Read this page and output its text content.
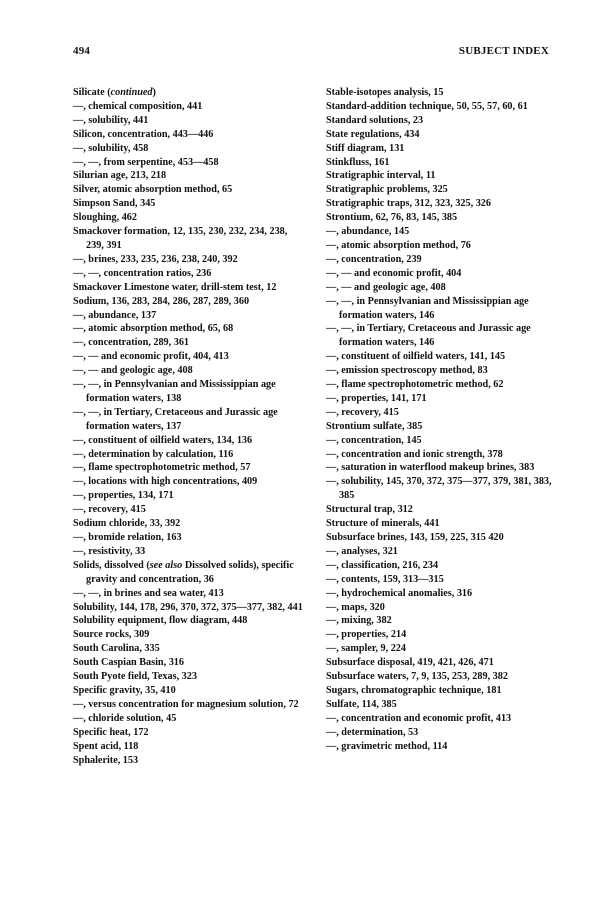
494	SUBJECT INDEX

Silicate (continued)

—, chemical composition, 441

—, solubility, 441

Silicon, concentration, 443—446

—, solubility, 458

—, —, from serpentine, 453—458

Silurian age, 213, 218

Silver, atomic absorption method, 65

Simpson Sand, 345

Sloughing, 462

Smackover formation, 12, 135, 230, 232, 234, 238, 239, 391

—, brines, 233, 235, 236, 238, 240, 392

—, —, concentration ratios, 236

Smackover Limestone water, drill-stem test, 12

Sodium, 136, 283, 284, 286, 287, 289, 360

—, abundance, 137

—, atomic absorption method, 65, 68

—, concentration, 289, 361

—, — and economic profit, 404, 413

—, — and geologic age, 408

—, —, in Pennsylvanian and Mississippian age formation waters, 138

—, —, in Tertiary, Cretaceous and Jurassic age formation waters, 137

—, constituent of oilfield waters, 134, 136

—, determination by calculation, 116

—, flame spectrophotometric method, 57

—, locations with high concentrations, 409

—, properties, 134, 171

—, recovery, 415

Sodium chloride, 33, 392

—, bromide relation, 163

—, resistivity, 33

Solids, dissolved (see also Dissolved solids), specific gravity and concentration, 36

—, —, in brines and sea water, 413

Solubility, 144, 178, 296, 370, 372, 375—377, 382, 441

Solubility equipment, flow diagram, 448

Source rocks, 309

South Carolina, 335

South Caspian Basin, 316

South Pyote field, Texas, 323

Specific gravity, 35, 410

—, versus concentration for magnesium solution, 72

—, chloride solution, 45

Specific heat, 172

Spent acid, 118

Sphalerite, 153

Stable-isotopes analysis, 15

Standard-addition technique, 50, 55, 57, 60, 61

Standard solutions, 23

State regulations, 434

Stiff diagram, 131

Stinkfluss, 161

Stratigraphic interval, 11

Stratigraphic problems, 325

Stratigraphic traps, 312, 323, 325, 326

Strontium, 62, 76, 83, 145, 385

—, abundance, 145

—, atomic absorption method, 76

—, concentration, 239

—, — and economic profit, 404

—, — and geologic age, 408

—, —, in Pennsylvanian and Mississippian age formation waters, 146

—, —, in Tertiary, Cretaceous and Jurassic age formation waters, 146

—, constituent of oilfield waters, 141, 145

—, emission spectroscopy method, 83

—, flame spectrophotometric method, 62

—, properties, 141, 171

—, recovery, 415

Strontium sulfate, 385

—, concentration, 145

—, concentration and ionic strength, 378

—, saturation in waterflood makeup brines, 383

—, solubility, 145, 370, 372, 375—377, 379, 381, 383, 385

Structural trap, 312

Structure of minerals, 441

Subsurface brines, 143, 159, 225, 315 420

—, analyses, 321

—, classification, 216, 234

—, contents, 159, 313—315

—, hydrochemical anomalies, 316

—, maps, 320

—, mixing, 382

—, properties, 214

—, sampler, 9, 224

Subsurface disposal, 419, 421, 426, 471

Subsurface waters, 7, 9, 135, 253, 289, 382

Sugars, chromatographic technique, 181

Sulfate, 114, 385

—, concentration and economic profit, 413

—, determination, 53

—, gravimetric method, 114
